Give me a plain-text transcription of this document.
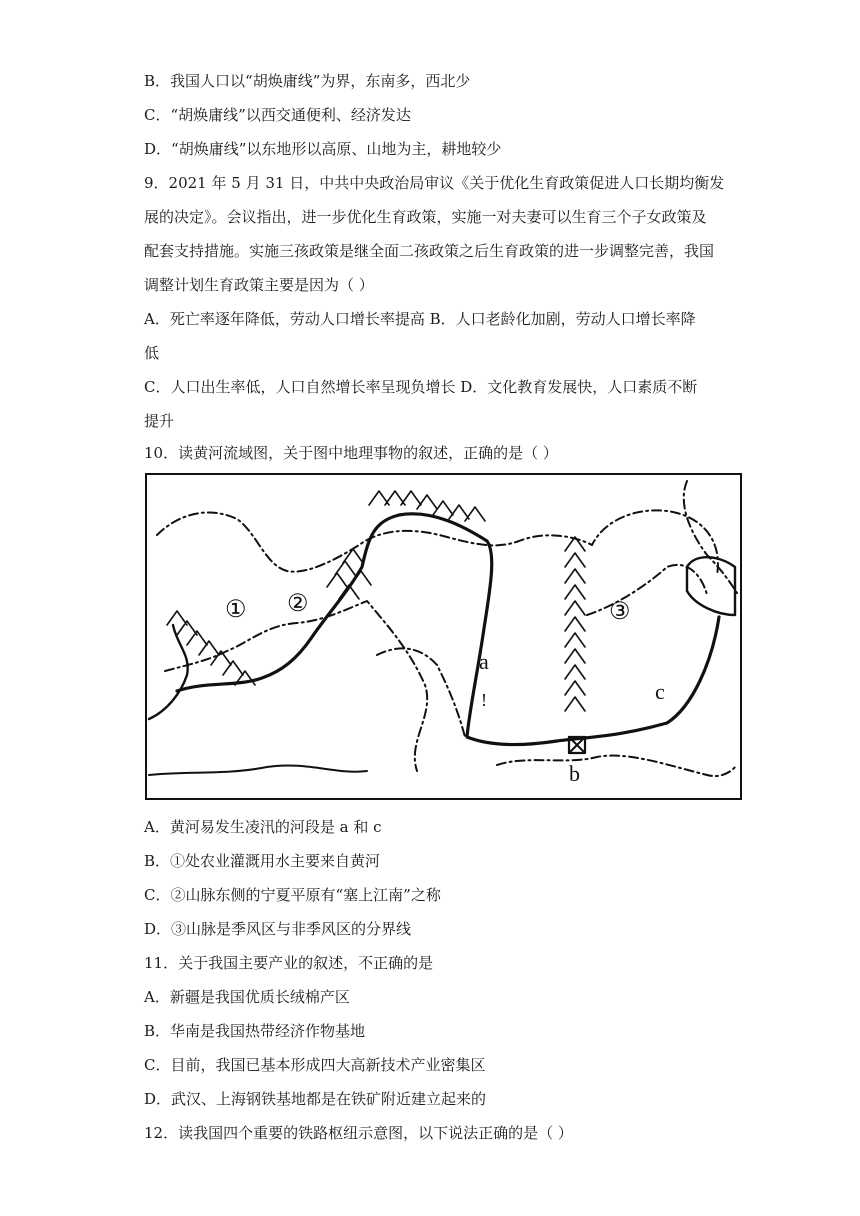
B．我国人口以“胡焕庸线”为界，东南多，西北少
C．“胡焕庸线”以西交通便利、经济发达
D．“胡焕庸线”以东地形以高原、山地为主，耕地较少
9．2021 年 5 月 31 日，中共中央政治局审议《关于优化生育政策促进人口长期均衡发
展的决定》。会议指出，进一步优化生育政策，实施一对夫妻可以生育三个子女政策及
配套支持措施。实施三孩政策是继全面二孩政策之后生育政策的进一步调整完善，我国
调整计划生育政策主要是因为（ ）
A．死亡率逐年降低，劳动人口增长率提高 B．人口老龄化加剧，劳动人口增长率降
低
C．人口出生率低，人口自然增长率呈现负增长 D．文化教育发展快，人口素质不断
提升
10．读黄河流域图，关于图中地理事物的叙述，正确的是（ ）
① ②	③
a
!
b
c
A．黄河易发生凌汛的河段是 a 和 c
B．①处农业灌溉用水主要来自黄河
C．②山脉东侧的宁夏平原有“塞上江南”之称
D．③山脉是季风区与非季风区的分界线
11．关于我国主要产业的叙述，不正确的是
A．新疆是我国优质长绒棉产区
B．华南是我国热带经济作物基地
C．目前，我国已基本形成四大高新技术产业密集区
D．武汉、上海钢铁基地都是在铁矿附近建立起来的
12．读我国四个重要的铁路枢纽示意图，以下说法正确的是（ ）
